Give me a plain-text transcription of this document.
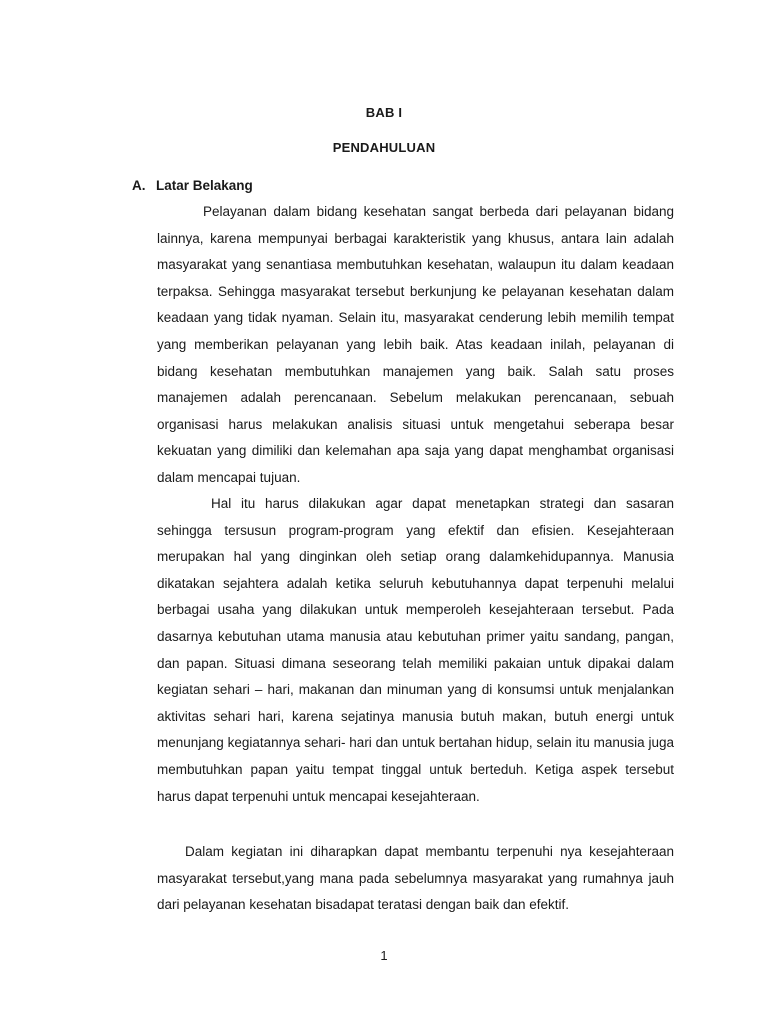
BAB I
PENDAHULUAN
A. Latar Belakang

Pelayanan dalam bidang kesehatan sangat berbeda dari pelayanan bidang lainnya, karena mempunyai berbagai karakteristik yang khusus, antara lain adalah masyarakat yang senantiasa membutuhkan kesehatan, walaupun itu dalam keadaan terpaksa. Sehingga masyarakat tersebut berkunjung ke pelayanan kesehatan dalam keadaan yang tidak nyaman. Selain itu, masyarakat cenderung lebih memilih tempat yang memberikan pelayanan yang lebih baik. Atas keadaan inilah, pelayanan di bidang kesehatan membutuhkan manajemen yang baik. Salah satu proses manajemen adalah perencanaan. Sebelum melakukan perencanaan, sebuah organisasi harus melakukan analisis situasi untuk mengetahui seberapa besar kekuatan yang dimiliki dan kelemahan apa saja yang dapat menghambat organisasi dalam mencapai tujuan.

Hal itu harus dilakukan agar dapat menetapkan strategi dan sasaran sehingga tersusun program-program yang efektif dan efisien. Kesejahteraan merupakan hal yang dinginkan oleh setiap orang dalamkehidupannya. Manusia dikatakan sejahtera adalah ketika seluruh kebutuhannya dapat terpenuhi melalui berbagai usaha yang dilakukan untuk memperoleh kesejahteraan tersebut. Pada dasarnya kebutuhan utama manusia atau kebutuhan primer yaitu sandang, pangan, dan papan. Situasi dimana seseorang telah memiliki pakaian untuk dipakai dalam kegiatan sehari – hari, makanan dan minuman yang di konsumsi untuk menjalankan aktivitas sehari hari, karena sejatinya manusia butuh makan, butuh energi untuk menunjang kegiatannya sehari- hari dan untuk bertahan hidup, selain itu manusia juga membutuhkan papan yaitu tempat tinggal untuk berteduh. Ketiga aspek tersebut harus dapat terpenuhi untuk mencapai kesejahteraan.

Dalam kegiatan ini diharapkan dapat membantu terpenuhi nya kesejahteraan masyarakat tersebut,yang mana pada sebelumnya masyarakat yang rumahnya jauh dari pelayanan kesehatan bisadapat teratasi dengan baik dan efektif.

1
